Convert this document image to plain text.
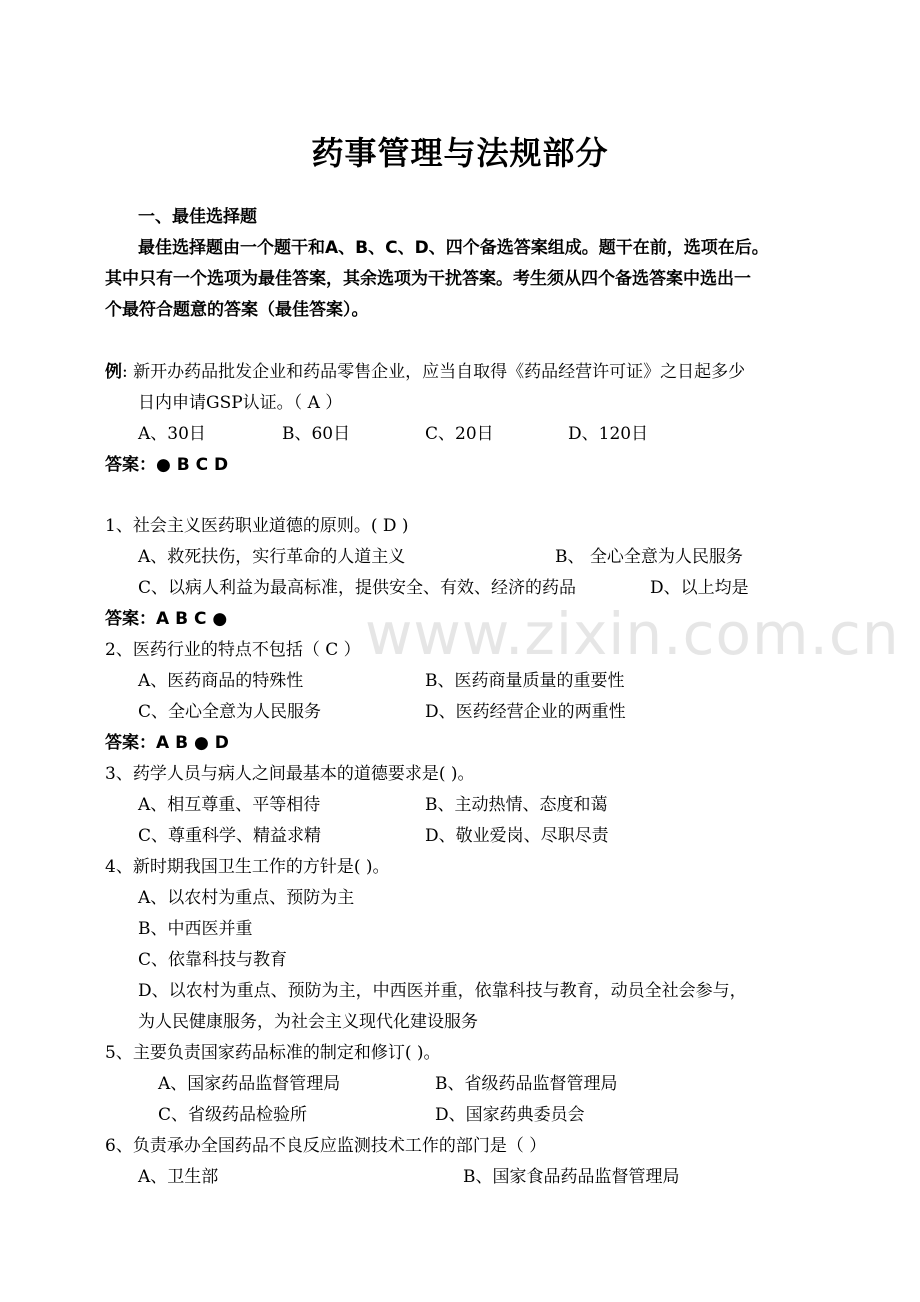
www.zixin.com.cn
药事管理与法规部分
一、最佳选择题
最佳选择题由一个题干和A、B、C、D、四个备选答案组成。题干在前，选项在后。
其中只有一个选项为最佳答案，其余选项为干扰答案。考生须从四个备选答案中选出一
个最符合题意的答案（最佳答案）。
例: 新开办药品批发企业和药品零售企业，应当自取得《药品经营许可证》之日起多少
日内申请GSP认证。（ A ）
A、30日	B、60日	C、20日	D、120日
答案：● B C D
1、社会主义医药职业道德的原则。( D )
A、救死扶伤，实行革命的人道主义	B、 全心全意为人民服务
C、以病人利益为最高标准，提供安全、有效、经济的药品	D、以上均是
答案：A B C ●
2、医药行业的特点不包括（ C ）
A、医药商品的特殊性	B、医药商量质量的重要性
C、全心全意为人民服务	D、医药经营企业的两重性
答案：A B ● D
3、药学人员与病人之间最基本的道德要求是( )。
A、相互尊重、平等相待	B、主动热情、态度和蔼
C、尊重科学、精益求精	D、敬业爱岗、尽职尽责
4、新时期我国卫生工作的方针是( )。
A、以农村为重点、预防为主
B、中西医并重
C、依靠科技与教育
D、以农村为重点、预防为主，中西医并重，依靠科技与教育，动员全社会参与，
为人民健康服务，为社会主义现代化建设服务
5、主要负责国家药品标准的制定和修订( )。
A、国家药品监督管理局	B、省级药品监督管理局
C、省级药品检验所	D、国家药典委员会
6、负责承办全国药品不良反应监测技术工作的部门是（ ）
A、卫生部	B、国家食品药品监督管理局
